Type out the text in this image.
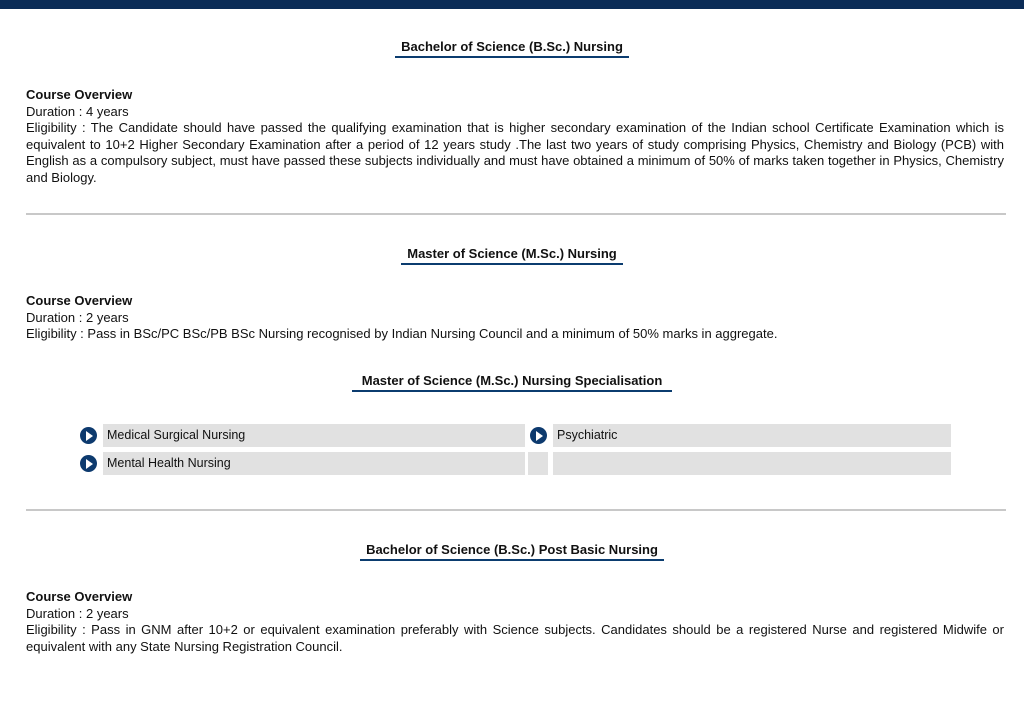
Bachelor of Science (B.Sc.) Nursing
Course Overview
Duration : 4 years
Eligibility : The Candidate should have passed the qualifying examination that is higher secondary examination of the Indian school Certificate Examination which is equivalent to 10+2 Higher Secondary Examination after a period of 12 years study .The last two years of study comprising Physics, Chemistry and Biology (PCB) with English as a compulsory subject, must have passed these subjects individually and must have obtained a minimum of 50% of marks taken together in Physics, Chemistry and Biology.
Master of Science (M.Sc.) Nursing
Course Overview
Duration : 2 years
Eligibility : Pass in BSc/PC BSc/PB BSc Nursing recognised by Indian Nursing Council and a minimum of 50% marks in aggregate.
Master of Science (M.Sc.) Nursing Specialisation
Medical Surgical Nursing	Psychiatric
Mental Health Nursing
Bachelor of Science (B.Sc.) Post Basic Nursing
Course Overview
Duration : 2 years
Eligibility : Pass in GNM after 10+2 or equivalent examination preferably with Science subjects. Candidates should be a registered Nurse and registered Midwife or equivalent with any State Nursing Registration Council.
